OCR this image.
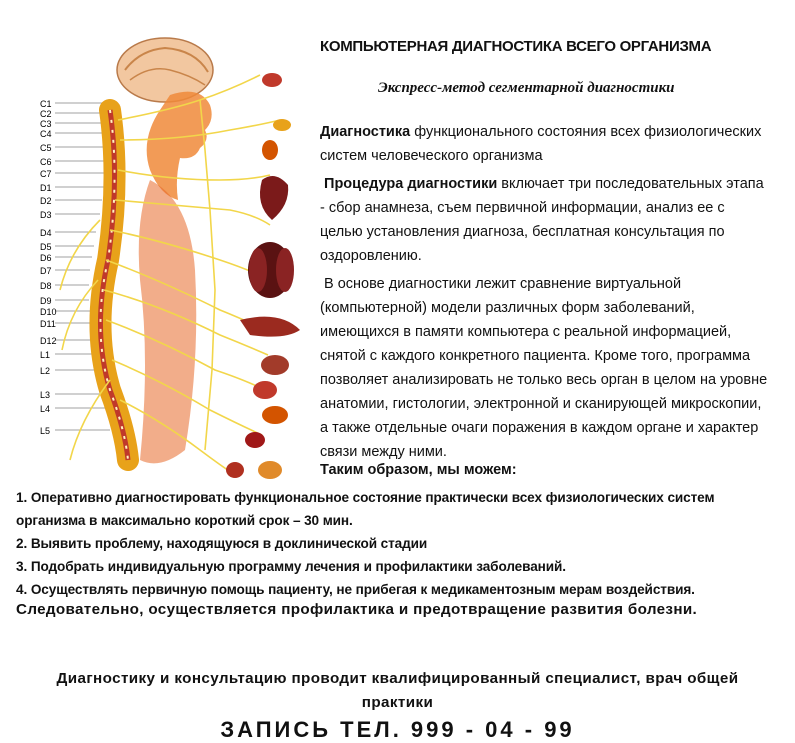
C1
C2
C3
C4
C5
C6
C7
D1
D2
D3
D4
D5
D6
D7
D8
D9
D10
D11
D12
L1
L2
L3
L4
L5
КОМПЬЮТЕРНАЯ ДИАГНОСТИКА ВСЕГО ОРГАНИЗМА
Экспресс-метод сегментарной диагностики

Диагностика функционального состояния всех физиологических систем человеческого организма

Процедура диагностики включает три последовательных этапа - сбор анамнеза, съем первичной информации, анализ ее с целью установления диагноза, бесплатная консультация по оздоровлению.

В основе диагностики лежит сравнение виртуальной (компьютерной) модели различных форм заболеваний, имеющихся в памяти компьютера с реальной информацией, снятой с каждого конкретного пациента. Кроме того, программа позволяет анализировать не только весь орган в целом на уровне анатомии, гистологии, электронной и сканирующей микроскопии, а также отдельные очаги поражения в каждом органе и характер связи между ними.

Таким образом, мы можем:
1. Оперативно диагностировать функциональное состояние практически всех физиологических систем организма в максимально короткий срок – 30 мин.
2. Выявить проблему, находящуюся в доклинической стадии
3. Подобрать индивидуальную программу лечения и профилактики заболеваний.
4. Осуществлять первичную помощь пациенту, не прибегая к медикаментозным мерам воздействия.
Следовательно, осуществляется профилактика и предотвращение развития болезни.
Диагностику и консультацию проводит квалифицированный специалист, врач общей
практики
ЗАПИСЬ ТЕЛ. 999 - 04 - 99
